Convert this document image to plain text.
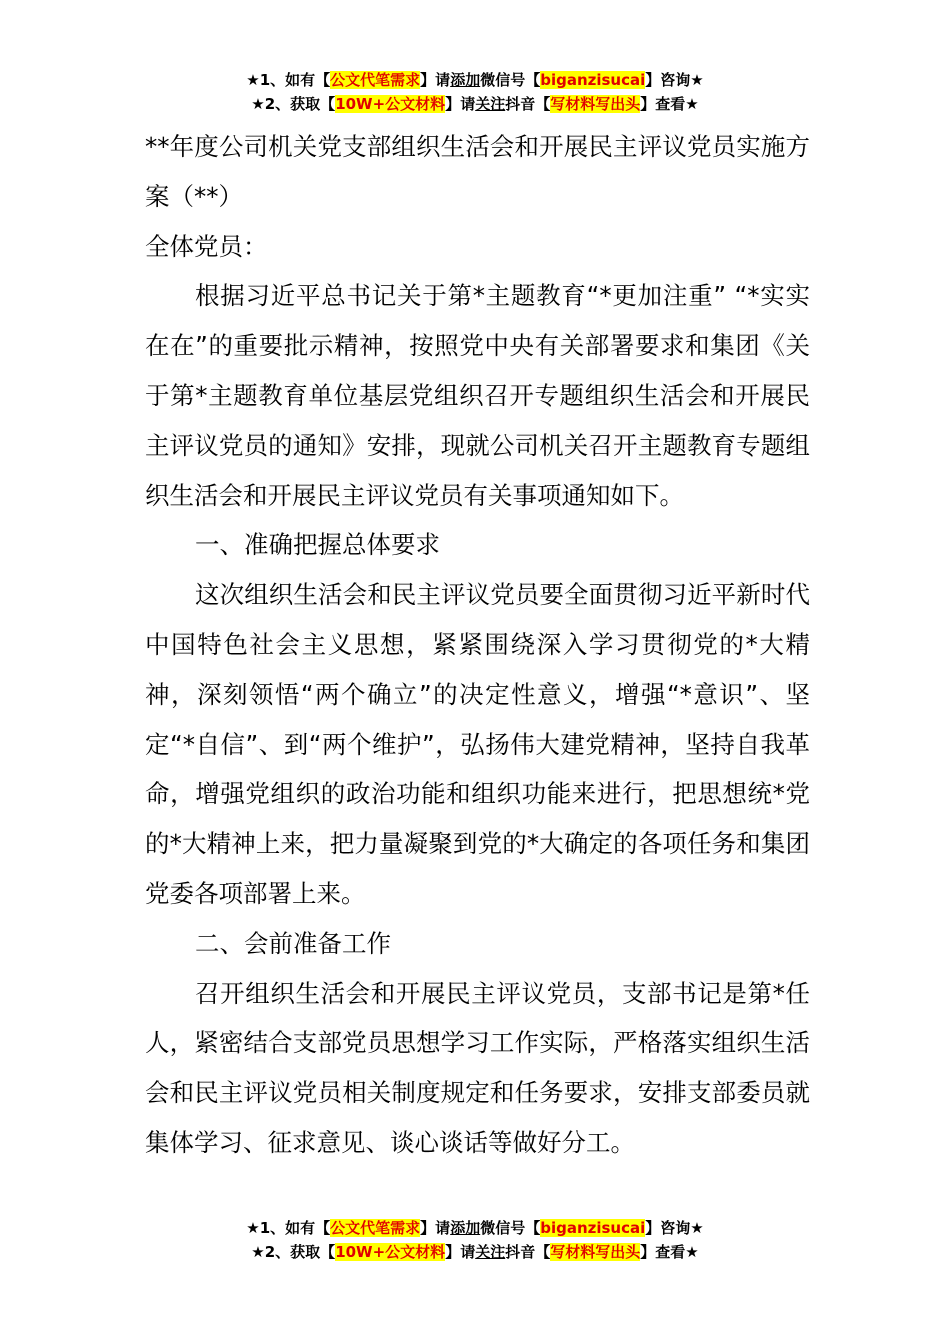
★1、如有【公文代笔需求】请添加微信号【biganzisucai】咨询★
★2、获取【10W+公文材料】请关注抖音【写材料写出头】查看★

**年度公司机关党支部组织生活会和开展民主评议党员实施方案（**）

全体党员：

根据习近平总书记关于第*主题教育“*更加注重” “*实实在在”的重要批示精神，按照党中央有关部署要求和集团《关于第*主题教育单位基层党组织召开专题组织生活会和开展民主评议党员的通知》安排，现就公司机关召开主题教育专题组织生活会和开展民主评议党员有关事项通知如下。

一、准确把握总体要求

这次组织生活会和民主评议党员要全面贯彻习近平新时代中国特色社会主义思想，紧紧围绕深入学习贯彻党的*大精神，深刻领悟“两个确立”的决定性意义，增强“*意识”、坚定“*自信”、到“两个维护”，弘扬伟大建党精神，坚持自我革命，增强党组织的政治功能和组织功能来进行，把思想统*党的*大精神上来，把力量凝聚到党的*大确定的各项任务和集团党委各项部署上来。

二、会前准备工作

召开组织生活会和开展民主评议党员，支部书记是第*任人，紧密结合支部党员思想学习工作实际，严格落实组织生活会和民主评议党员相关制度规定和任务要求，安排支部委员就集体学习、征求意见、谈心谈话等做好分工。

★1、如有【公文代笔需求】请添加微信号【biganzisucai】咨询★
★2、获取【10W+公文材料】请关注抖音【写材料写出头】查看★
